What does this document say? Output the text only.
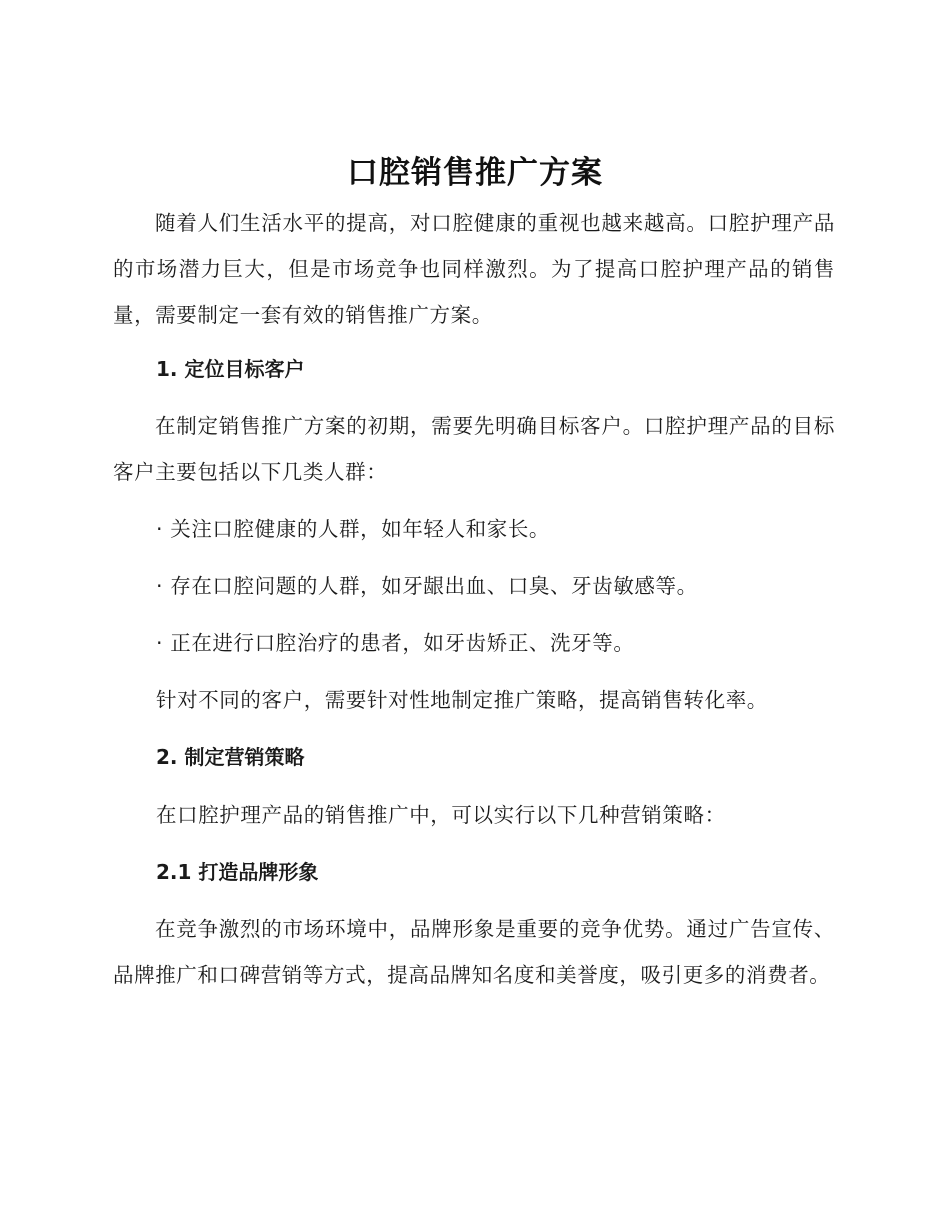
口腔销售推广方案

随着人们生活水平的提高，对口腔健康的重视也越来越高。口腔护理产品的市场潜力巨大，但是市场竞争也同样激烈。为了提高口腔护理产品的销售量，需要制定一套有效的销售推广方案。

1. 定位目标客户

在制定销售推广方案的初期，需要先明确目标客户。口腔护理产品的目标客户主要包括以下几类人群：

· 关注口腔健康的人群，如年轻人和家长。

· 存在口腔问题的人群，如牙龈出血、口臭、牙齿敏感等。

· 正在进行口腔治疗的患者，如牙齿矫正、洗牙等。

针对不同的客户，需要针对性地制定推广策略，提高销售转化率。

2. 制定营销策略

在口腔护理产品的销售推广中，可以实行以下几种营销策略：

2.1 打造品牌形象

在竞争激烈的市场环境中，品牌形象是重要的竞争优势。通过广告宣传、品牌推广和口碑营销等方式，提高品牌知名度和美誉度，吸引更多的消费者。
